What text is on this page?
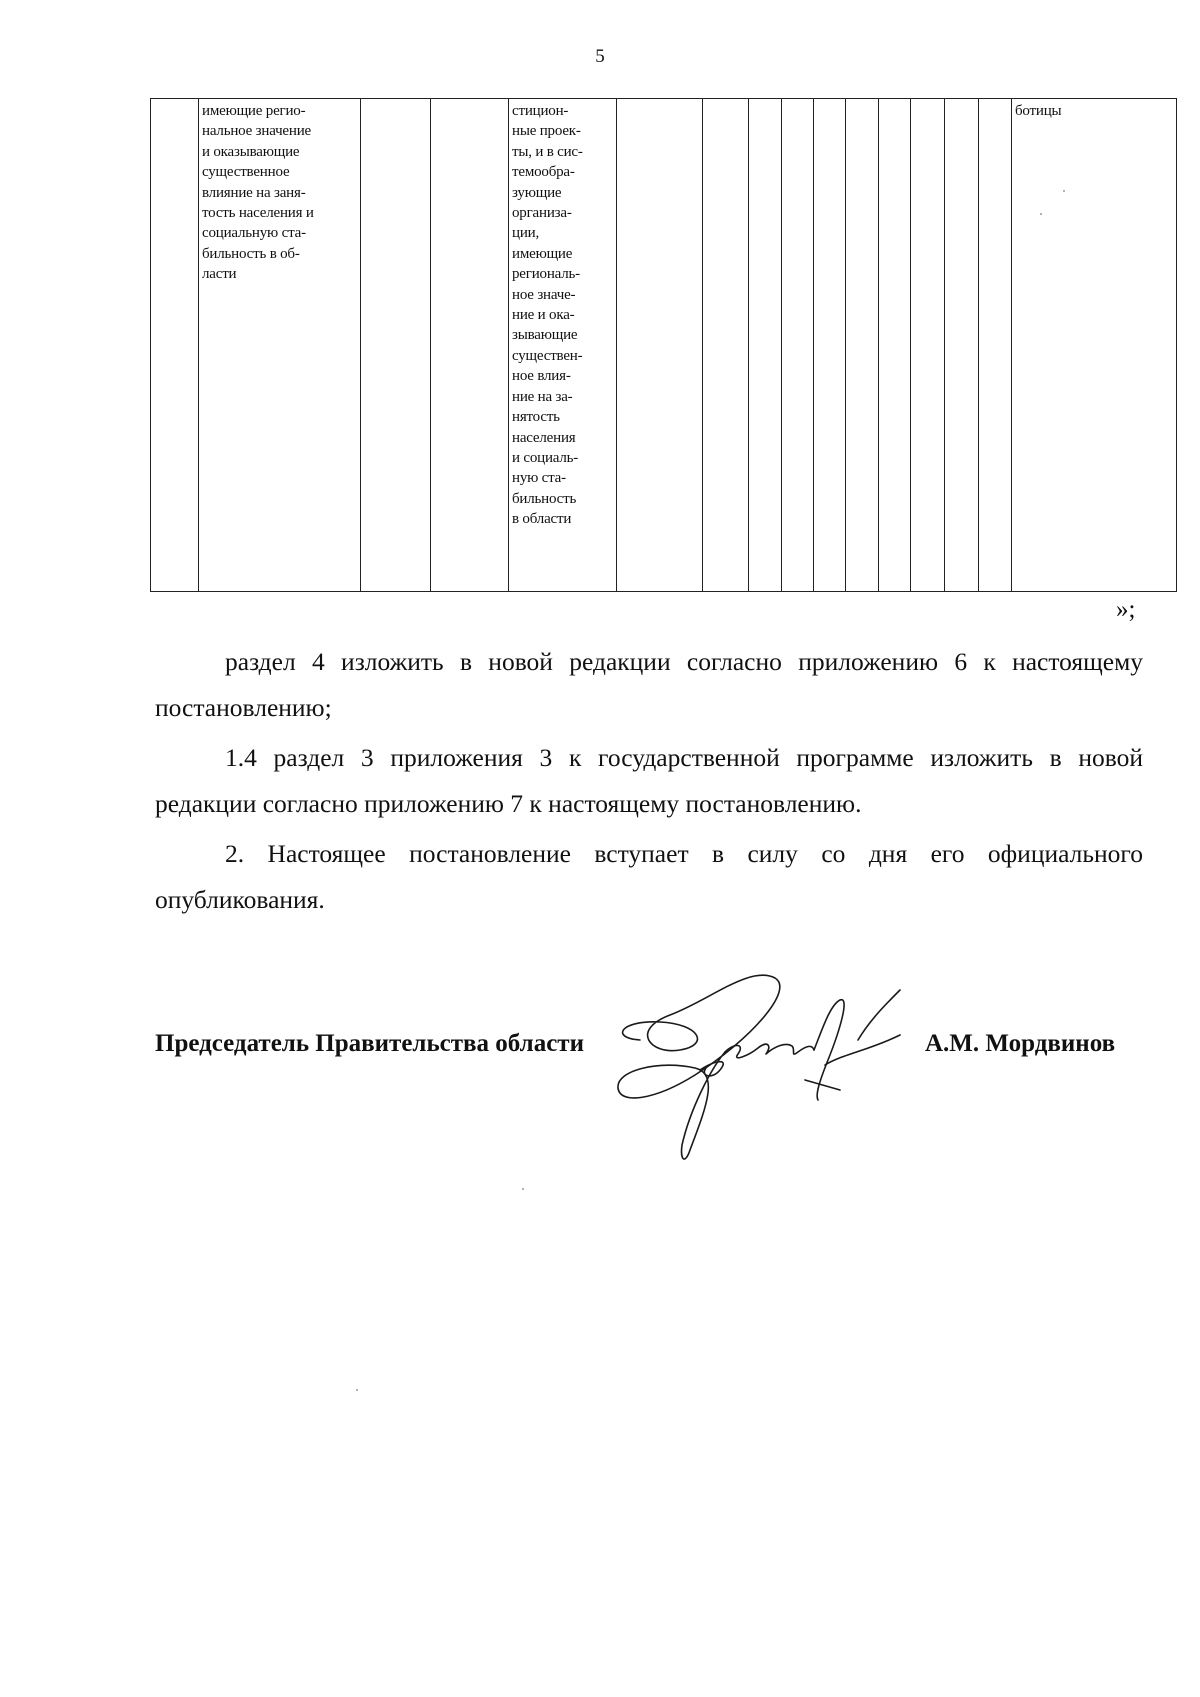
5
	имеющие регио-
нальное значение
и оказывающие
существенное
влияние на заня-
тость населения и
социальную ста-
бильность в об-
ласти			стицион-
ные проек-
ты, и в сис-
темообра-
зующие
организа-
ции,
имеющие
региональ-
ное значе-
ние и ока-
зывающие
существен-
ное влия-
ние на за-
нятость
населения
и социаль-
ную ста-
бильность
в области											ботицы
»;

раздел 4 изложить в новой редакции согласно приложению 6 к настоящему постановлению;

1.4 раздел 3 приложения 3 к государственной программе изложить в новой редакции согласно приложению 7 к настоящему постановлению.

2. Настоящее постановление вступает в силу со дня его официального опубликования.

Председатель Правительства области	А.М. Мордвинов
